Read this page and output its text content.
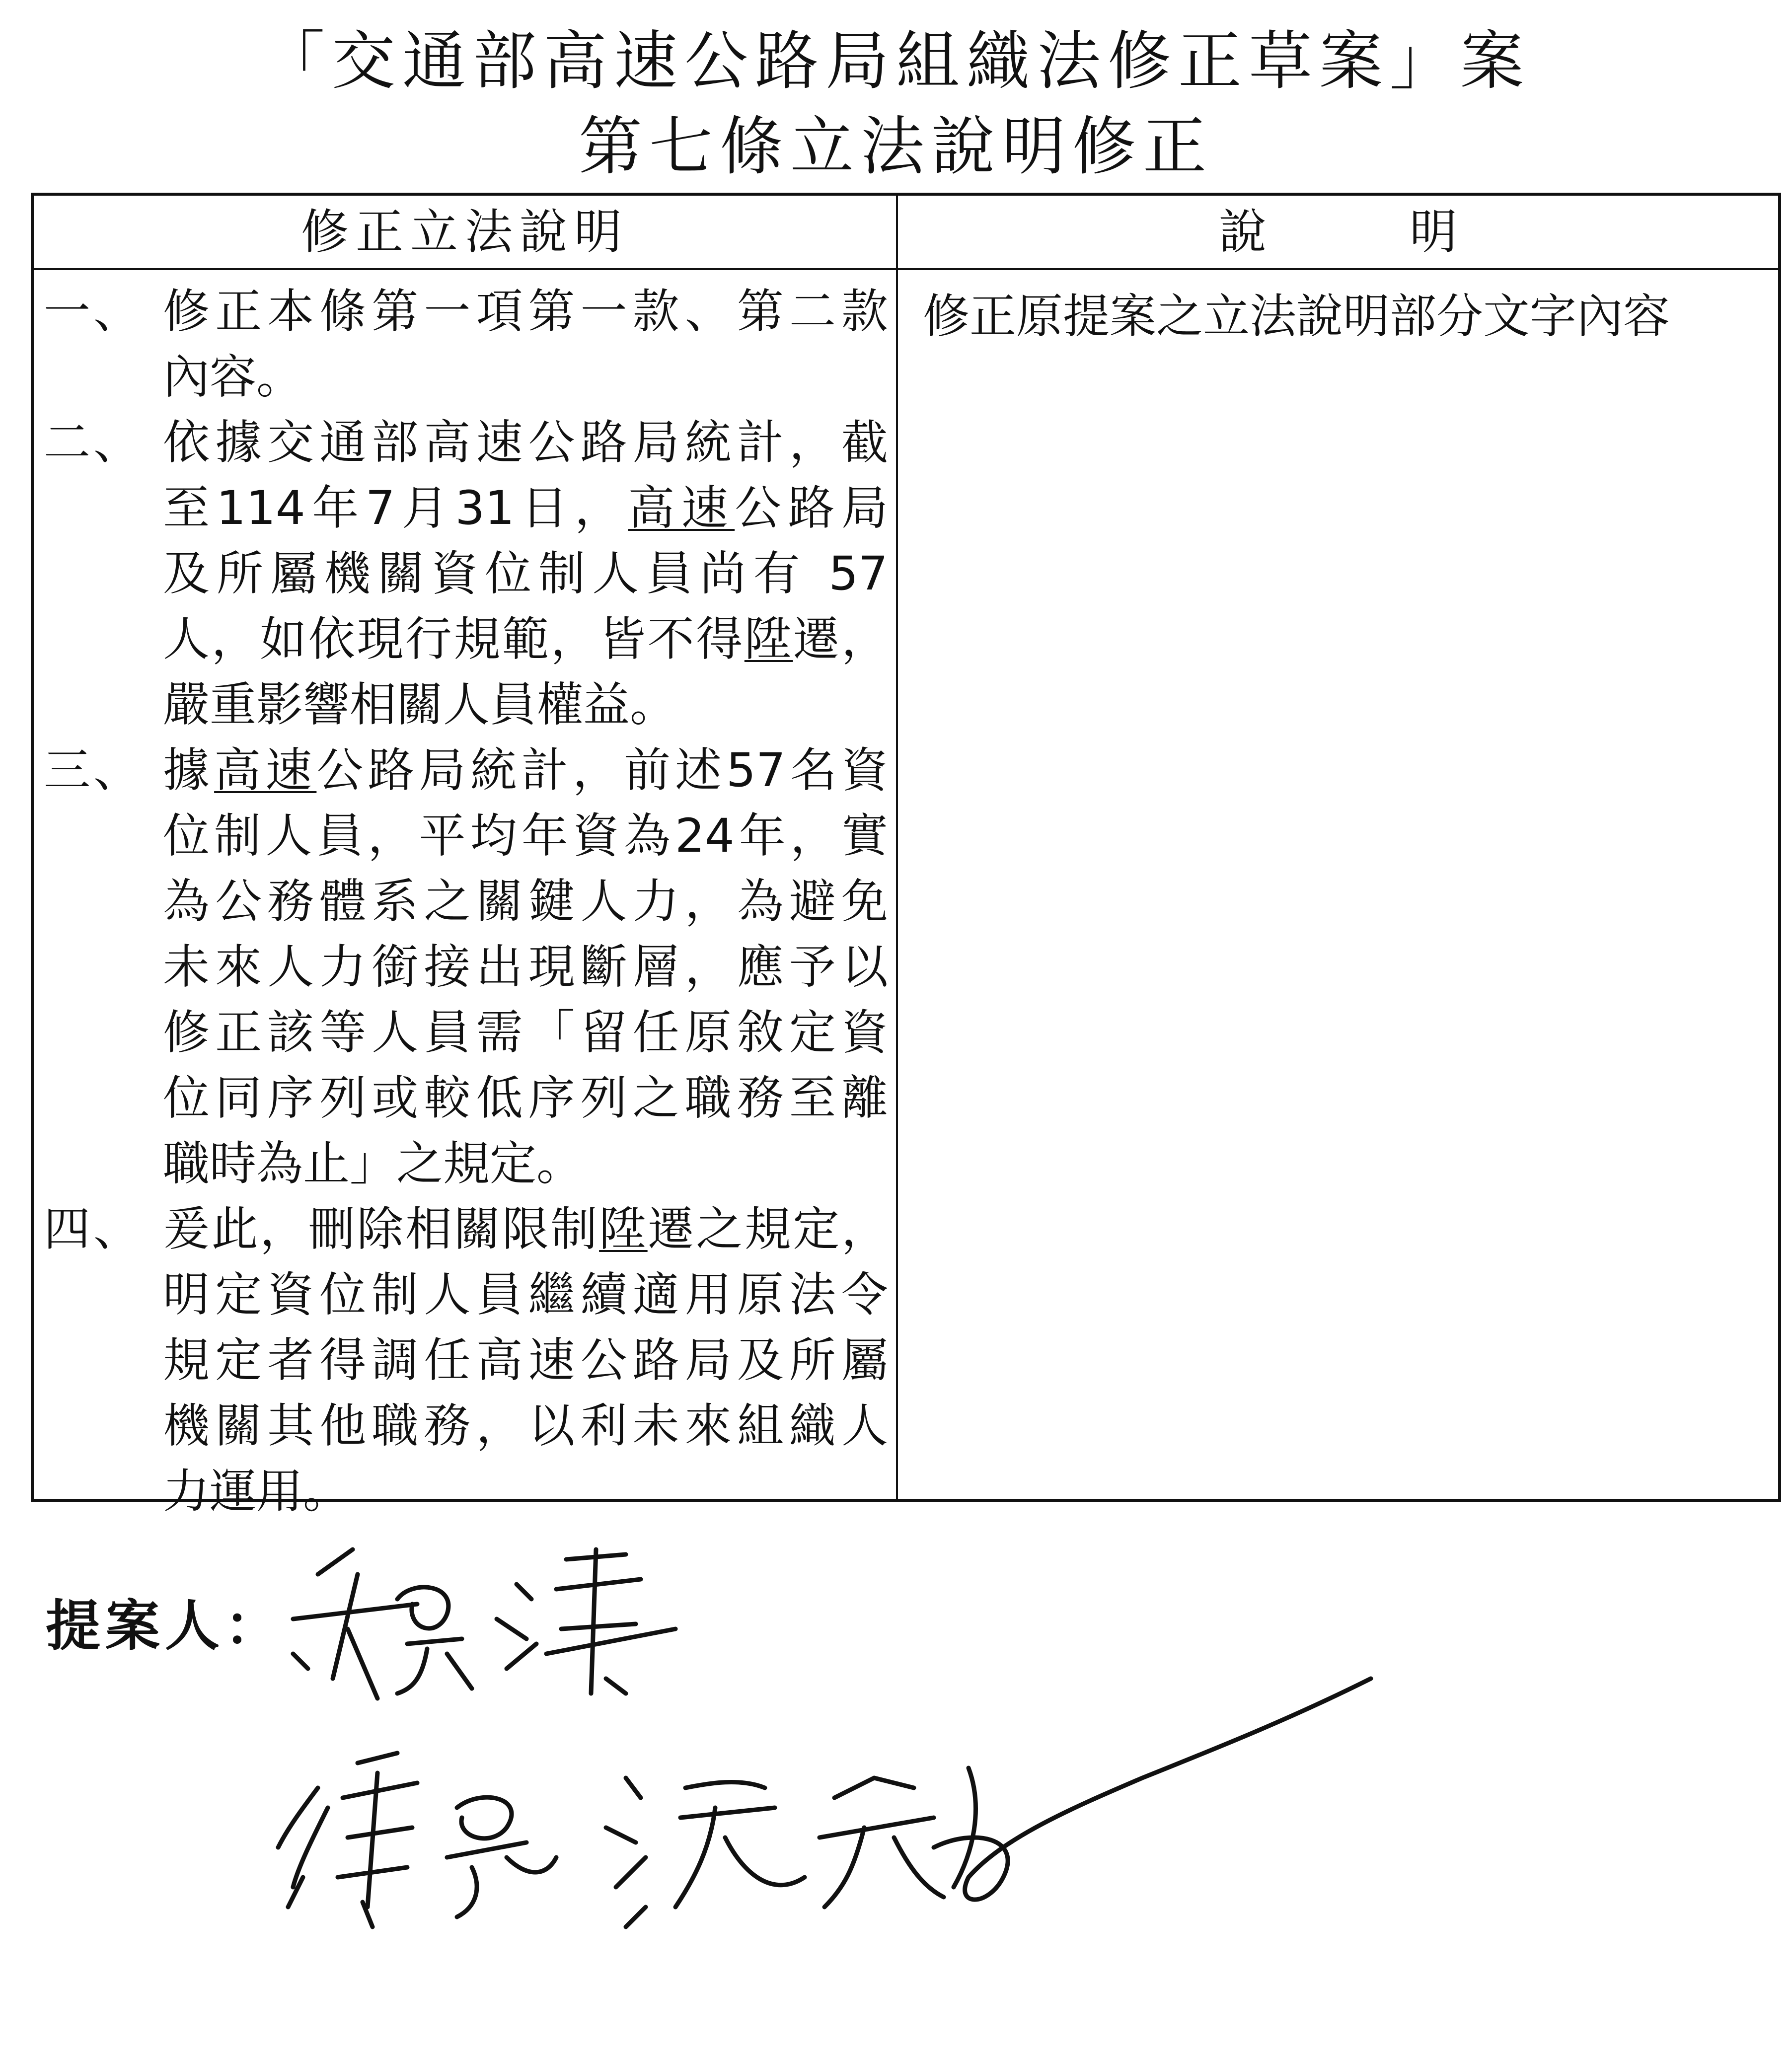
「交通部高速公路局組織法修正草案」案
第七條立法說明修正
修正立法說明	說　　　明
一、 修正本條第一項第一款、第二款
內容。
二、 依據交通部高速公路局統計，截
至114年7月31日，高速公路局
及所屬機關資位制人員尚有 57
人，如依現行規範，皆不得陞遷，
嚴重影響相關人員權益。
三、 據高速公路局統計，前述57名資
位制人員，平均年資為24年，實
為公務體系之關鍵人力，為避免
未來人力銜接出現斷層，應予以
修正該等人員需「留任原敘定資
位同序列或較低序列之職務至離
職時為止」之規定。
四、 爰此，刪除相關限制陞遷之規定，
明定資位制人員繼續適用原法令
規定者得調任高速公路局及所屬
機關其他職務，以利未來組織人
力運用。
修正原提案之立法說明部分文字內容
提案人：
